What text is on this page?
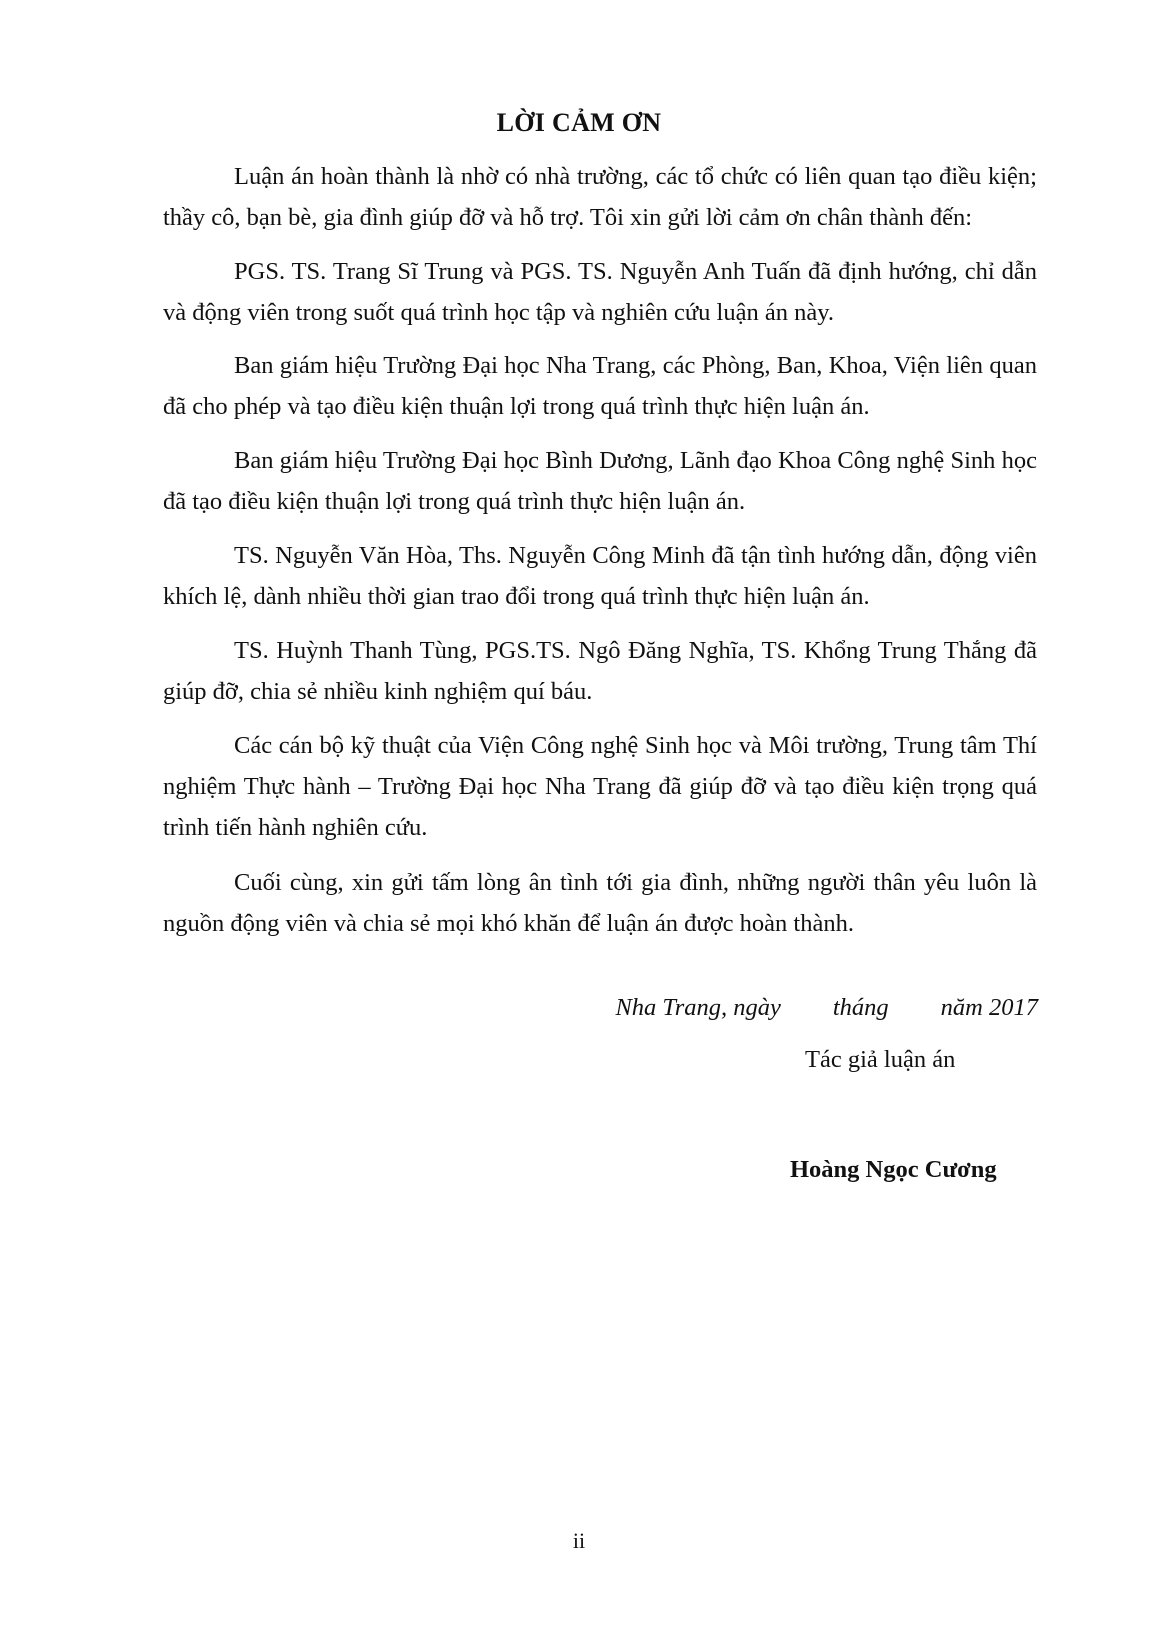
LỜI CẢM ƠN

Luận án hoàn thành là nhờ có nhà trường, các tổ chức có liên quan tạo điều kiện; thầy cô, bạn bè, gia đình giúp đỡ và hỗ trợ. Tôi xin gửi lời cảm ơn chân thành đến:

PGS. TS. Trang Sĩ Trung và PGS. TS. Nguyễn Anh Tuấn đã định hướng, chỉ dẫn và động viên trong suốt quá trình học tập và nghiên cứu luận án này.

Ban giám hiệu Trường Đại học Nha Trang, các Phòng, Ban, Khoa, Viện liên quan đã cho phép và tạo điều kiện thuận lợi trong quá trình thực hiện luận án.

Ban giám hiệu Trường Đại học Bình Dương, Lãnh đạo Khoa Công nghệ Sinh học đã tạo điều kiện thuận lợi trong quá trình thực hiện luận án.

TS. Nguyễn Văn Hòa, Ths. Nguyễn Công Minh đã tận tình hướng dẫn, động viên khích lệ, dành nhiều thời gian trao đổi trong quá trình thực hiện luận án.

TS. Huỳnh Thanh Tùng, PGS.TS. Ngô Đăng Nghĩa, TS. Khổng Trung Thắng đã giúp đỡ, chia sẻ nhiều kinh nghiệm quí báu.

Các cán bộ kỹ thuật của Viện Công nghệ Sinh học và Môi trường, Trung tâm Thí nghiệm Thực hành – Trường Đại học Nha Trang đã giúp đỡ và tạo điều kiện trọng quá trình tiến hành nghiên cứu.

Cuối cùng, xin gửi tấm lòng ân tình tới gia đình, những người thân yêu luôn là nguồn động viên và chia sẻ mọi khó khăn để luận án được hoàn thành.

Nha Trang, ngày tháng năm 2017
Tác giả luận án
Hoàng Ngọc Cương
ii
